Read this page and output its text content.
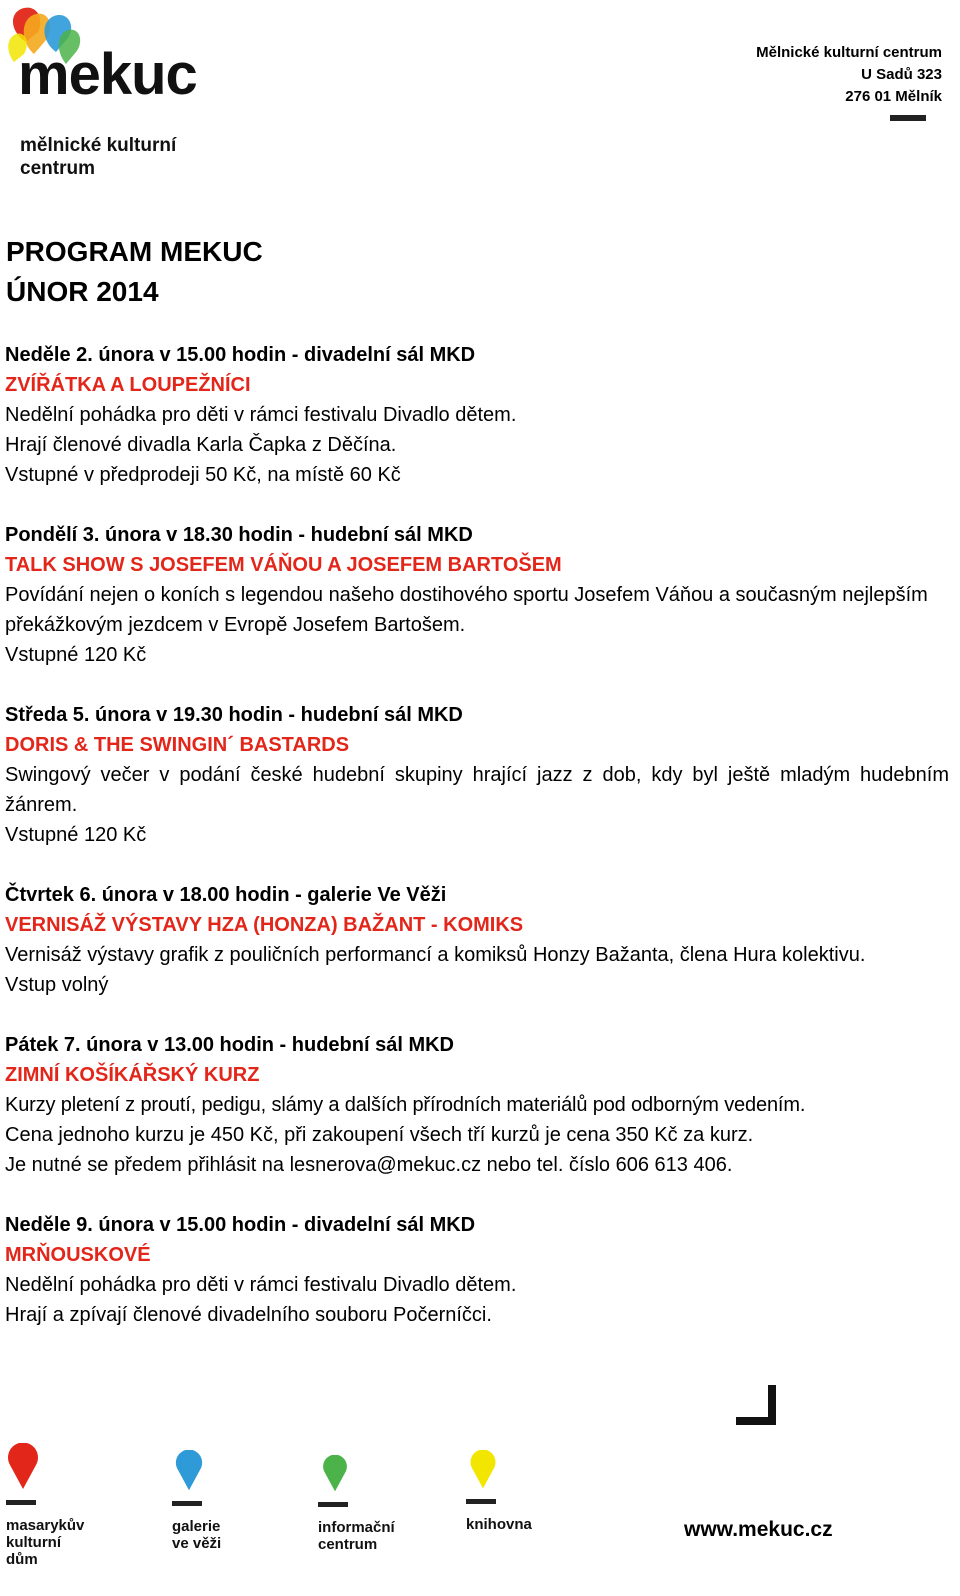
mekuc
mělnické kulturní
centrum
Mělnické kulturní centrum
U Sadů 323
276 01 Mělník
PROGRAM MEKUC
ÚNOR 2014
Neděle 2. února v 15.00 hodin - divadelní sál MKD
ZVÍŘÁTKA A LOUPEŽNÍCI
Nedělní pohádka pro děti v rámci festivalu Divadlo dětem.
Hrají členové divadla Karla Čapka z Děčína.
Vstupné v předprodeji 50 Kč, na místě 60 Kč
Pondělí 3. února v 18.30 hodin - hudební sál MKD
TALK SHOW S JOSEFEM VÁŇOU A JOSEFEM BARTOŠEM
Povídání nejen o koních s legendou našeho dostihového sportu Josefem Váňou a současným nejlepším překážkovým jezdcem v Evropě Josefem Bartošem.
Vstupné 120 Kč
Středa 5. února v 19.30 hodin - hudební sál MKD
DORIS & THE SWINGIN´ BASTARDS
Swingový večer v podání české hudební skupiny hrající jazz z dob, kdy byl ještě mladým hudebním žánrem.
Vstupné 120 Kč
Čtvrtek 6. února v 18.00 hodin - galerie Ve Věži
VERNISÁŽ VÝSTAVY HZA (HONZA) BAŽANT - KOMIKS
Vernisáž výstavy grafik z pouličních performancí a komiksů Honzy Bažanta, člena Hura kolektivu.
Vstup volný
Pátek 7. února v 13.00 hodin - hudební sál MKD
ZIMNÍ KOŠÍKÁŘSKÝ KURZ
Kurzy pletení z proutí, pedigu, slámy a dalších přírodních materiálů pod odborným vedením.
Cena jednoho kurzu je 450 Kč, při zakoupení všech tří kurzů je cena 350 Kč za kurz.
Je nutné se předem přihlásit na lesnerova@mekuc.cz nebo tel. číslo 606 613 406.
Neděle 9. února v 15.00 hodin - divadelní sál MKD
MRŇOUSKOVÉ
Nedělní pohádka pro děti v rámci festivalu Divadlo dětem.
Hrají a zpívají členové divadelního souboru Počerníčci.
masarykův
kulturní
dům
galerie
ve věži
informační
centrum
knihovna	www.mekuc.cz
